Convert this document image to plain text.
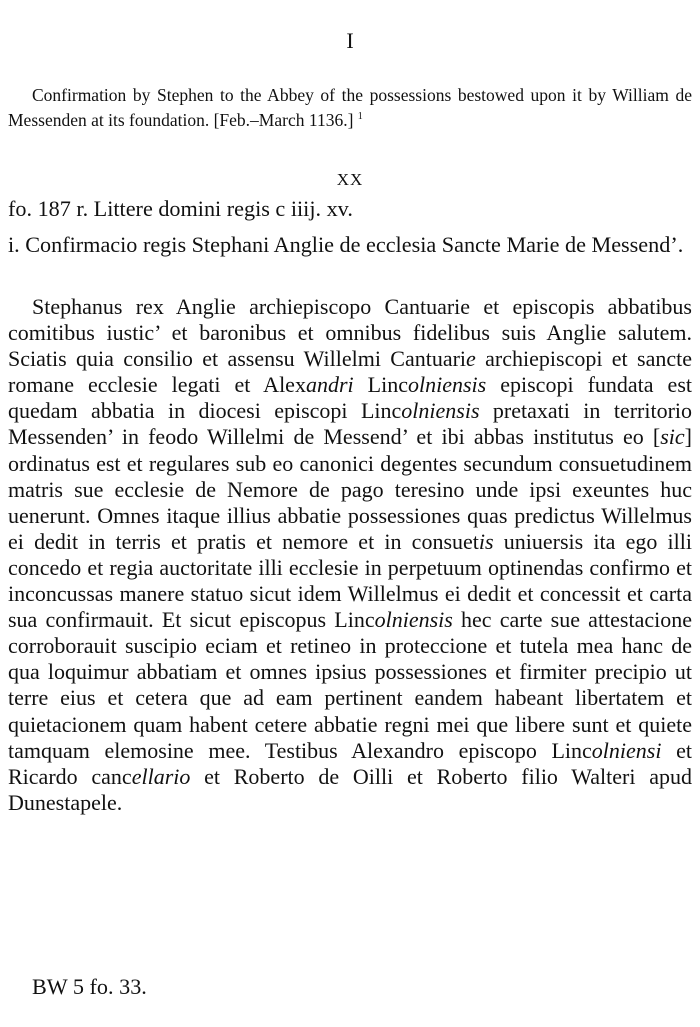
I
Confirmation by Stephen to the Abbey of the possessions bestowed upon it by William de Messenden at its foundation. [Feb.–March 1136.] $^1$
XX
fo. 187 r. Littere domini regis c iiij. xv.
i. Confirmacio regis Stephani Anglie de ecclesia Sancte Marie de Messend’.
Stephanus rex Anglie archiepiscopo Cantuarie et episcopis abbatibus comitibus iustic’ et baronibus et omnibus fidelibus suis Anglie salutem. Sciatis quia consilio et assensu Willelmi Cantuarie archiepiscopi et sancte romane ecclesie legati et Alexandri Lincolniensis episcopi fundata est quedam abbatia in diocesi episcopi Lincolniensis pretaxati in territorio Messenden’ in feodo Willelmi de Messend’ et ibi abbas institutus eo [sic] ordinatus est et regulares sub eo canonici degentes secundum consuetudinem matris sue ecclesie de Nemore de pago teresino unde ipsi exeuntes huc uenerunt. Omnes itaque illius abbatie possessiones quas predictus Willelmus ei dedit in terris et pratis et nemore et in consuetis uniuersis ita ego illi concedo et regia auctoritate illi ecclesie in perpetuum optinendas confirmo et inconcussas manere statuo sicut idem Willelmus ei dedit et concessit et carta sua confirmauit. Et sicut episcopus Lincolniensis hec carte sue attestacione corroborauit suscipio eciam et retineo in proteccione et tutela mea hanc de qua loquimur abbatiam et omnes ipsius possessiones et firmiter precipio ut terre eius et cetera que ad eam pertinent eandem habeant libertatem et quietacionem quam habent cetere abbatie regni mei que libere sunt et quiete tamquam elemosine mee. Testibus Alexandro episcopo Lincolniensi et Ricardo cancellario et Roberto de Oilli et Roberto filio Walteri apud Dunestapele.
BW 5 fo. 33.
